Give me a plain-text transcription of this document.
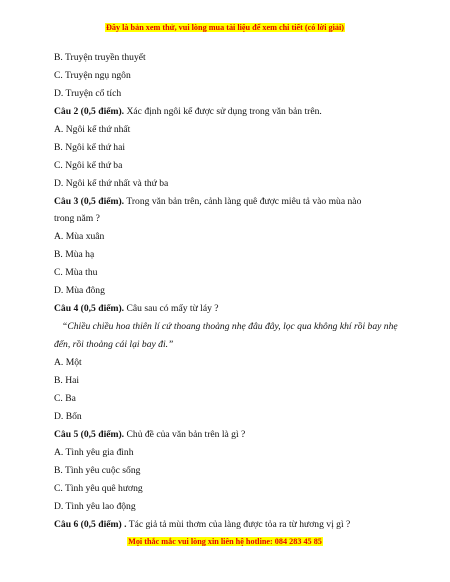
Đây là bản xem thử, vui lòng mua tài liệu để xem chi tiết (có lời giải)
B. Truyện truyền thuyết
C. Truyện ngụ ngôn
D. Truyện cổ tích
Câu 2 (0,5 điểm). Xác định ngôi kể được sử dụng trong văn bản trên.
A. Ngôi kể thứ nhất
B. Ngôi kể thứ hai
C. Ngôi kể thứ ba
D. Ngôi kể thứ nhất và thứ ba
Câu 3 (0,5 điểm). Trong văn bản trên, cảnh làng quê được miêu tả vào mùa nào
trong năm ?
A. Mùa xuân
B. Mùa hạ
C. Mùa thu
D. Mùa đông
Câu 4 (0,5 điểm). Câu sau có mấy từ láy ?
“Chiều chiều hoa thiên lí cứ thoang thoảng nhẹ đâu đây, lọc qua không khí rồi bay nhẹ
đến, rồi thoảng cái lại bay đi.”
A. Một
B. Hai
C. Ba
D. Bốn
Câu 5 (0,5 điểm). Chủ đề của văn bản trên là gì ?
A. Tình yêu gia đình
B. Tình yêu cuộc sống
C. Tình yêu quê hương
D. Tình yêu lao động
Câu 6 (0,5 điểm) . Tác giả tả mùi thơm của làng được tỏa ra từ hương vị gì ?
Mọi thắc mắc vui lòng xin liên hệ hotline: 084 283 45 85
